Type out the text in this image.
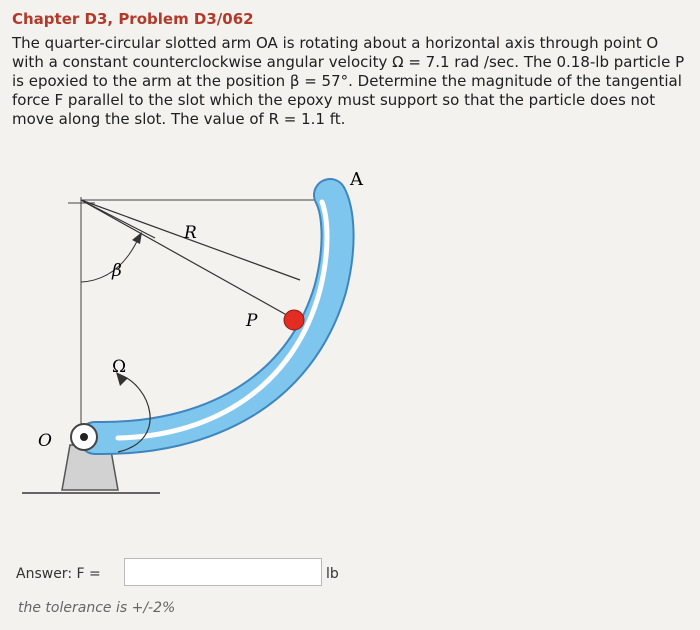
Chapter D3, Problem D3/062
The quarter-circular slotted arm OA is rotating about a horizontal axis through point O with a constant counterclockwise angular velocity Ω = 7.1 rad /sec. The 0.18-lb particle P is epoxied to the arm at the position β = 57°. Determine the magnitude of the tangential force F parallel to the slot which the epoxy must support so that the particle does not move along the slot. The value of R = 1.1 ft.
A
R
P
β
Ω
O
Answer: F =	lb
the tolerance is +/-2%
